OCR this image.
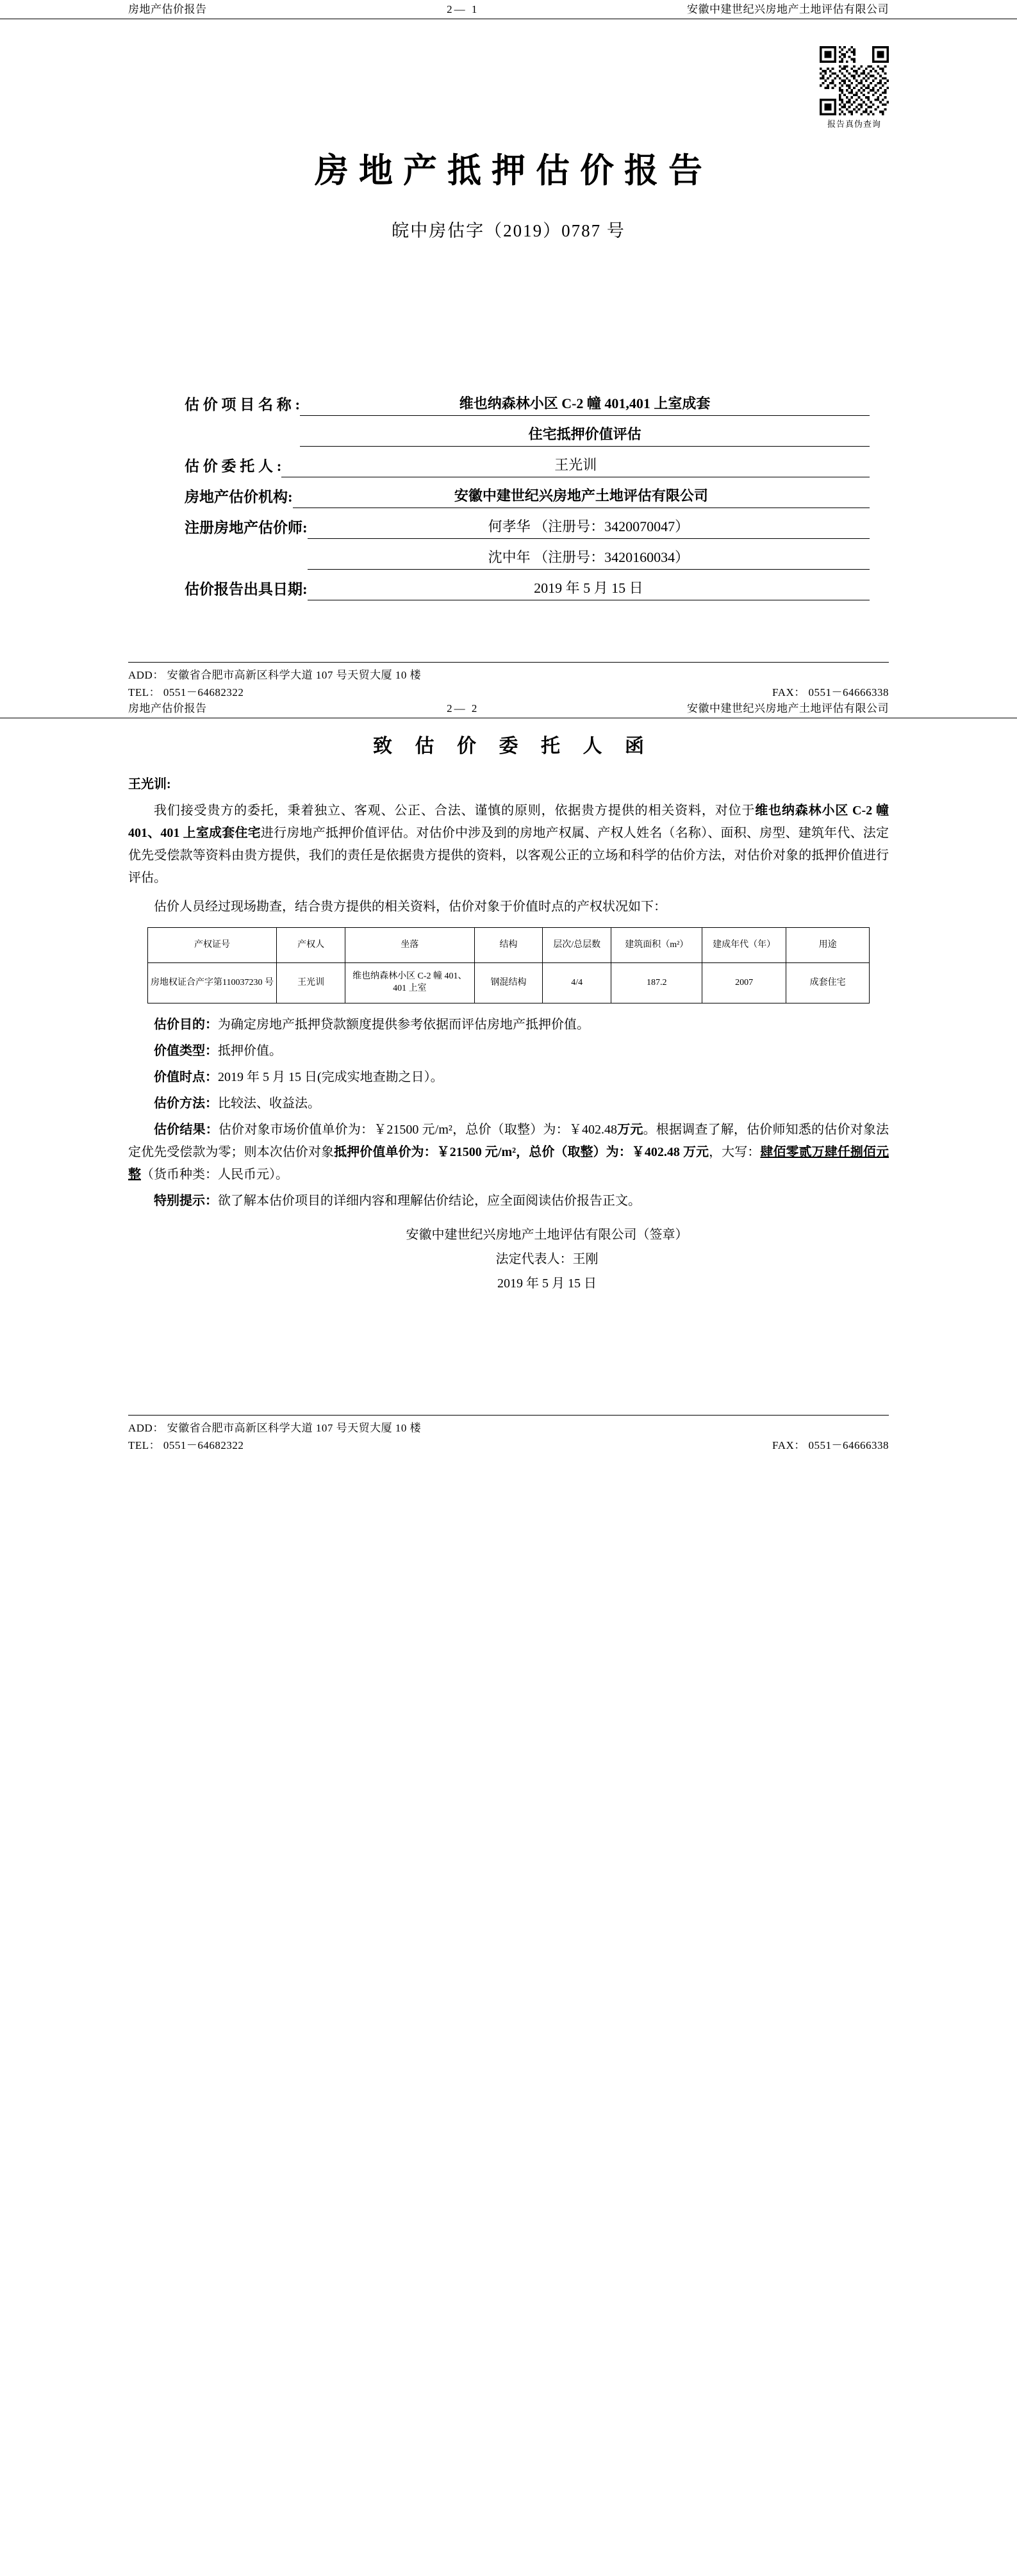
房地产估价报告	2— 1	安徽中建世纪兴房地产土地评估有限公司
报告真伪查询
房地产抵押估价报告
皖中房估字（2019）0787 号
估 价 项 目 名 称 :	维也纳森林小区 C-2 幢 401,401 上室成套
住宅抵押价值评估
估 价 委 托 人 :	王光训
房地产估价机构:	安徽中建世纪兴房地产土地评估有限公司
注册房地产估价师:	何孝华 （注册号：3420070047）
沈中年 （注册号：3420160034）
估价报告出具日期:	2019 年 5 月 15 日
ADD： 安徽省合肥市高新区科学大道 107 号天贸大厦 10 楼
TEL： 0551－64682322	FAX： 0551－64666338
房地产估价报告	2— 2	安徽中建世纪兴房地产土地评估有限公司
致 估 价 委 托 人 函
王光训:

我们接受贵方的委托，秉着独立、客观、公正、合法、谨慎的原则，依据贵方提供的相关资料，对位于维也纳森林小区 C-2 幢 401、401 上室成套住宅进行房地产抵押价值评估。对估价中涉及到的房地产权属、产权人姓名（名称）、面积、房型、建筑年代、法定优先受偿款等资料由贵方提供，我们的责任是依据贵方提供的资料，以客观公正的立场和科学的估价方法，对估价对象的抵押价值进行评估。

估价人员经过现场勘查，结合贵方提供的相关资料，估价对象于价值时点的产权状况如下：

产权证号	产权人	坐落	结构	层次/总层数	建筑面积（m²）	建成年代（年）	用途
房地权证合产字第110037230 号	王光训	维也纳森林小区 C-2 幢 401、401 上室	钢混结构	4/4	187.2	2007	成套住宅

估价目的：为确定房地产抵押贷款额度提供参考依据而评估房地产抵押价值。

价值类型：抵押价值。

价值时点：2019 年 5 月 15 日(完成实地查勘之日）。

估价方法：比较法、收益法。

估价结果：估价对象市场价值单价为：￥21500 元/m²，总价（取整）为：￥402.48万元。根据调查了解，估价师知悉的估价对象法定优先受偿款为零；则本次估价对象抵押价值单价为：￥21500 元/m²，总价（取整）为：￥402.48 万元，大写：肆佰零贰万肆仟捌佰元整（货币种类：人民币元）。

特别提示：欲了解本估价项目的详细内容和理解估价结论，应全面阅读估价报告正文。

安徽中建世纪兴房地产土地评估有限公司（签章）
法定代表人：王刚
2019 年 5 月 15 日
ADD： 安徽省合肥市高新区科学大道 107 号天贸大厦 10 楼
TEL： 0551－64682322	FAX： 0551－64666338
